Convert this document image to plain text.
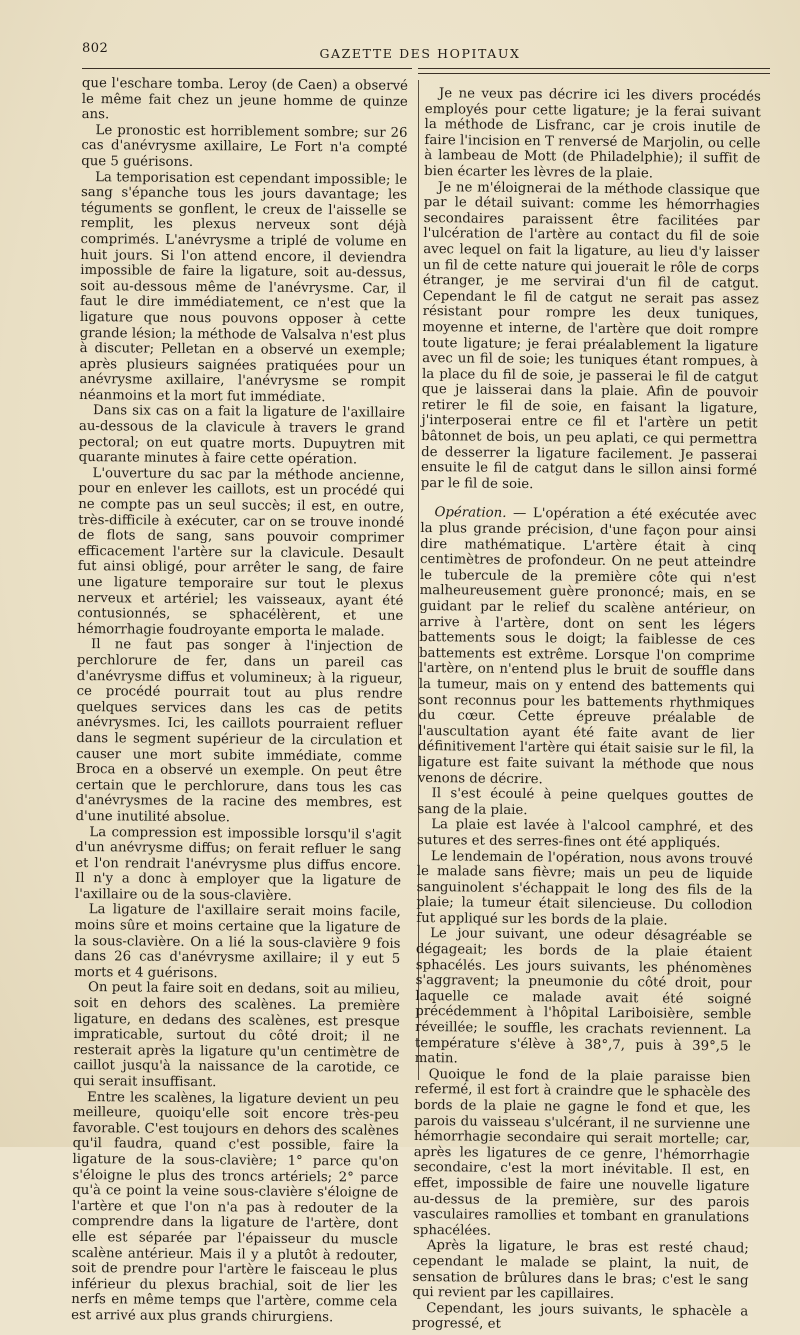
802	GAZETTE DES HOPITAUX

que l'eschare tomba. Leroy (de Caen) a observé le même fait chez un jeune homme de quinze ans.

Le pronostic est horriblement sombre; sur 26 cas d'anévrysme axillaire, Le Fort n'a compté que 5 guérisons.

La temporisation est cependant impossible; le sang s'épanche tous les jours davantage; les téguments se gonflent, le creux de l'aisselle se remplit, les plexus nerveux sont déjà comprimés. L'anévrysme a triplé de volume en huit jours. Si l'on attend encore, il deviendra impossible de faire la ligature, soit au-dessus, soit au-dessous même de l'anévrysme. Car, il faut le dire immédiatement, ce n'est que la ligature que nous pouvons opposer à cette grande lésion; la méthode de Valsalva n'est plus à discuter; Pelletan en a observé un exemple; après plusieurs saignées pratiquées pour un anévrysme axillaire, l'anévrysme se rompit néanmoins et la mort fut immédiate.

Dans six cas on a fait la ligature de l'axillaire au-dessous de la clavicule à travers le grand pectoral; on eut quatre morts. Dupuytren mit quarante minutes à faire cette opération.

L'ouverture du sac par la méthode ancienne, pour en enlever les caillots, est un procédé qui ne compte pas un seul succès; il est, en outre, très-difficile à exécuter, car on se trouve inondé de flots de sang, sans pouvoir comprimer efficacement l'artère sur la clavicule. Desault fut ainsi obligé, pour arrêter le sang, de faire une ligature temporaire sur tout le plexus nerveux et artériel; les vaisseaux, ayant été contusionnés, se sphacélèrent, et une hémorrhagie foudroyante emporta le malade.

Il ne faut pas songer à l'injection de perchlorure de fer, dans un pareil cas d'anévrysme diffus et volumineux; à la rigueur, ce procédé pourrait tout au plus rendre quelques services dans les cas de petits anévrysmes. Ici, les caillots pourraient refluer dans le segment supérieur de la circulation et causer une mort subite immédiate, comme Broca en a observé un exemple. On peut être certain que le perchlorure, dans tous les cas d'anévrysmes de la racine des membres, est d'une inutilité absolue.

La compression est impossible lorsqu'il s'agit d'un anévrysme diffus; on ferait refluer le sang et l'on rendrait l'anévrysme plus diffus encore. Il n'y a donc à employer que la ligature de l'axillaire ou de la sous-clavière.

La ligature de l'axillaire serait moins facile, moins sûre et moins certaine que la ligature de la sous-clavière. On a lié la sous-clavière 9 fois dans 26 cas d'anévrysme axillaire; il y eut 5 morts et 4 guérisons.

On peut la faire soit en dedans, soit au milieu, soit en dehors des scalènes. La première ligature, en dedans des scalènes, est presque impraticable, surtout du côté droit; il ne resterait après la ligature qu'un centimètre de caillot jusqu'à la naissance de la carotide, ce qui serait insuffisant.

Entre les scalènes, la ligature devient un peu meilleure, quoiqu'elle soit encore très-peu favorable. C'est toujours en dehors des scalènes qu'il faudra, quand c'est possible, faire la ligature de la sous-clavière; 1° parce qu'on s'éloigne le plus des troncs artériels; 2° parce qu'à ce point la veine sous-clavière s'éloigne de l'artère et que l'on n'a pas à redouter de la comprendre dans la ligature de l'artère, dont elle est séparée par l'épaisseur du muscle scalène antérieur. Mais il y a plutôt à redouter, soit de prendre pour l'artère le faisceau le plus inférieur du plexus brachial, soit de lier les nerfs en même temps que l'artère, comme cela est arrivé aux plus grands chirurgiens.

Je ne veux pas décrire ici les divers procédés employés pour cette ligature; je la ferai suivant la méthode de Lisfranc, car je crois inutile de faire l'incision en T renversé de Marjolin, ou celle à lambeau de Mott (de Philadelphie); il suffit de bien écarter les lèvres de la plaie.

Je ne m'éloignerai de la méthode classique que par le détail suivant: comme les hémorrhagies secondaires paraissent être facilitées par l'ulcération de l'artère au contact du fil de soie avec lequel on fait la ligature, au lieu d'y laisser un fil de cette nature qui jouerait le rôle de corps étranger, je me servirai d'un fil de catgut. Cependant le fil de catgut ne serait pas assez résistant pour rompre les deux tuniques, moyenne et interne, de l'artère que doit rompre toute ligature; je ferai préalablement la ligature avec un fil de soie; les tuniques étant rompues, à la place du fil de soie, je passerai le fil de catgut que je laisserai dans la plaie. Afin de pouvoir retirer le fil de soie, en faisant la ligature, j'interposerai entre ce fil et l'artère un petit bâtonnet de bois, un peu aplati, ce qui permettra de desserrer la ligature facilement. Je passerai ensuite le fil de catgut dans le sillon ainsi formé par le fil de soie.

Opération. — L'opération a été exécutée avec la plus grande précision, d'une façon pour ainsi dire mathématique. L'artère était à cinq centimètres de profondeur. On ne peut atteindre le tubercule de la première côte qui n'est malheureusement guère prononcé; mais, en se guidant par le relief du scalène antérieur, on arrive à l'artère, dont on sent les légers battements sous le doigt; la faiblesse de ces battements est extrême. Lorsque l'on comprime l'artère, on n'entend plus le bruit de souffle dans la tumeur, mais on y entend des battements qui sont reconnus pour les battements rhythmiques du cœur. Cette épreuve préalable de l'auscultation ayant été faite avant de lier définitivement l'artère qui était saisie sur le fil, la ligature est faite suivant la méthode que nous venons de décrire.

Il s'est écoulé à peine quelques gouttes de sang de la plaie.

La plaie est lavée à l'alcool camphré, et des sutures et des serres-fines ont été appliqués.

Le lendemain de l'opération, nous avons trouvé le malade sans fièvre; mais un peu de liquide sanguinolent s'échappait le long des fils de la plaie; la tumeur était silencieuse. Du collodion fut appliqué sur les bords de la plaie.

Le jour suivant, une odeur désagréable se dégageait; les bords de la plaie étaient sphacélés. Les jours suivants, les phénomènes s'aggravent; la pneumonie du côté droit, pour laquelle ce malade avait été soigné précédemment à l'hôpital Lariboisière, semble réveillée; le souffle, les crachats reviennent. La température s'élève à 38°,7, puis à 39°,5 le matin.

Quoique le fond de la plaie paraisse bien refermé, il est fort à craindre que le sphacèle des bords de la plaie ne gagne le fond et que, les parois du vaisseau s'ulcérant, il ne survienne une hémorrhagie secondaire qui serait mortelle; car, après les ligatures de ce genre, l'hémorrhagie secondaire, c'est la mort inévitable. Il est, en effet, impossible de faire une nouvelle ligature au-dessus de la première, sur des parois vasculaires ramollies et tombant en granulations sphacélées.

Après la ligature, le bras est resté chaud; cependant le malade se plaint, la nuit, de sensation de brûlures dans le bras; c'est le sang qui revient par les capillaires.

Cependant, les jours suivants, le sphacèle a progressé, et
